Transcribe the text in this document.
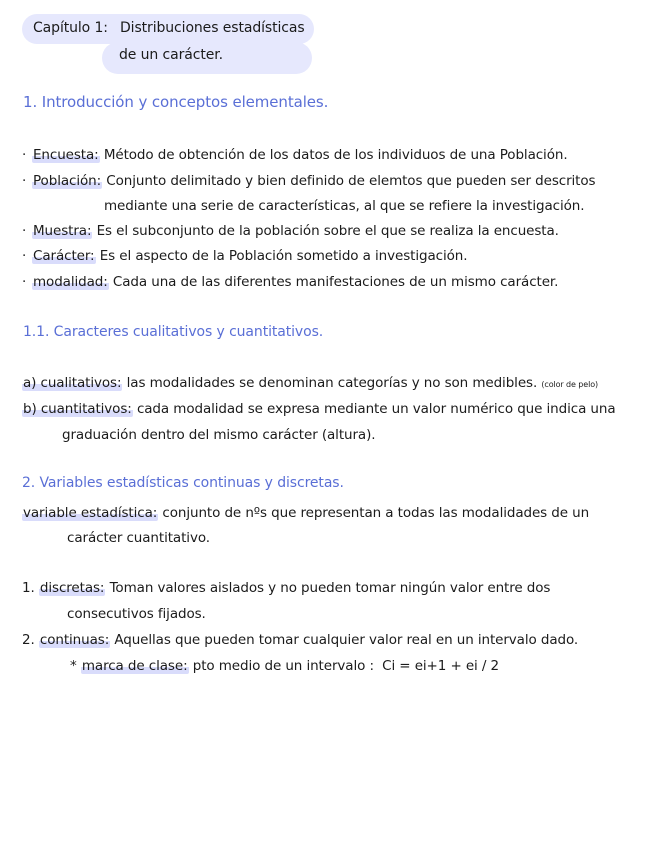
Capítulo 1: Distribuciones estadísticas
de un carácter.
1. Introducción y conceptos elementales.
· Encuesta: Método de obtención de los datos de los individuos de una Población.
· Población: Conjunto delimitado y bien definido de elemtos que pueden ser descritos
mediante una serie de características, al que se refiere la investigación.
· Muestra: Es el subconjunto de la población sobre el que se realiza la encuesta.
· Carácter: Es el aspecto de la Población sometido a investigación.
· modalidad: Cada una de las diferentes manifestaciones de un mismo carácter.
1.1. Caracteres cualitativos y cuantitativos.
a) cualitativos: las modalidades se denominan categorías y no son medibles. (color de pelo)
b) cuantitativos: cada modalidad se expresa mediante un valor numérico que indica una
graduación dentro del mismo carácter (altura).
2. Variables estadísticas continuas y discretas.
variable estadística: conjunto de nºs que representan a todas las modalidades de un
carácter cuantitativo.
1. discretas: Toman valores aislados y no pueden tomar ningún valor entre dos
consecutivos fijados.
2. continuas: Aquellas que pueden tomar cualquier valor real en un intervalo dado.
* marca de clase: pto medio de un intervalo : Ci = ei+1 + ei / 2
